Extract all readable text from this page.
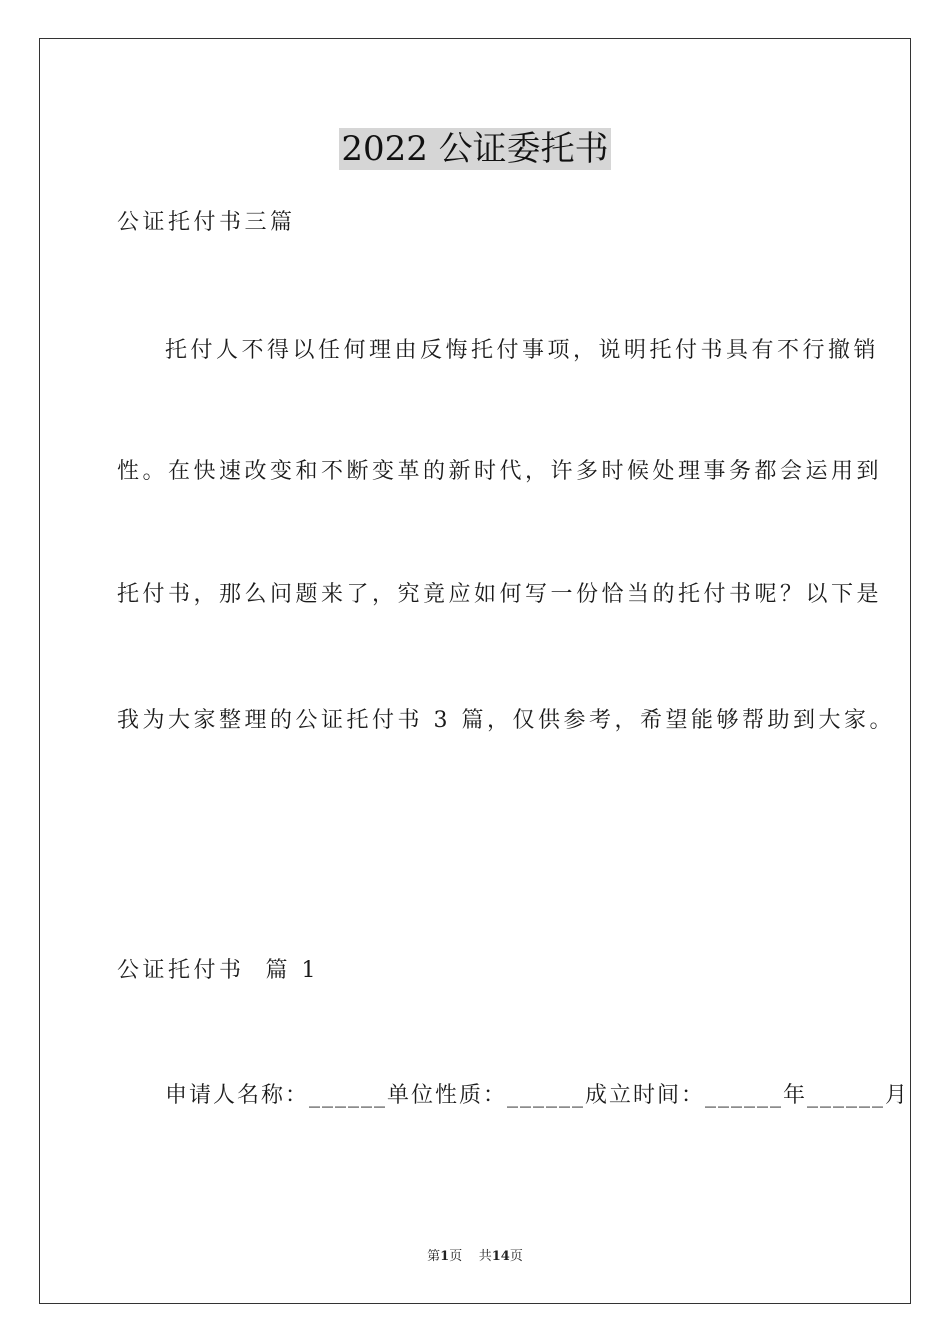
2022 公证委托书
公证托付书三篇
托付人不得以任何理由反悔托付事项，说明托付书具有不行撤销
性。在快速改变和不断变革的新时代，许多时候处理事务都会运用到
托付书，那么问题来了，究竟应如何写一份恰当的托付书呢？以下是
我为大家整理的公证托付书 3 篇，仅供参考，希望能够帮助到大家。
公证托付书  篇 1
申请人名称：______单位性质：______成立时间：______年______月
第1页 共14页
